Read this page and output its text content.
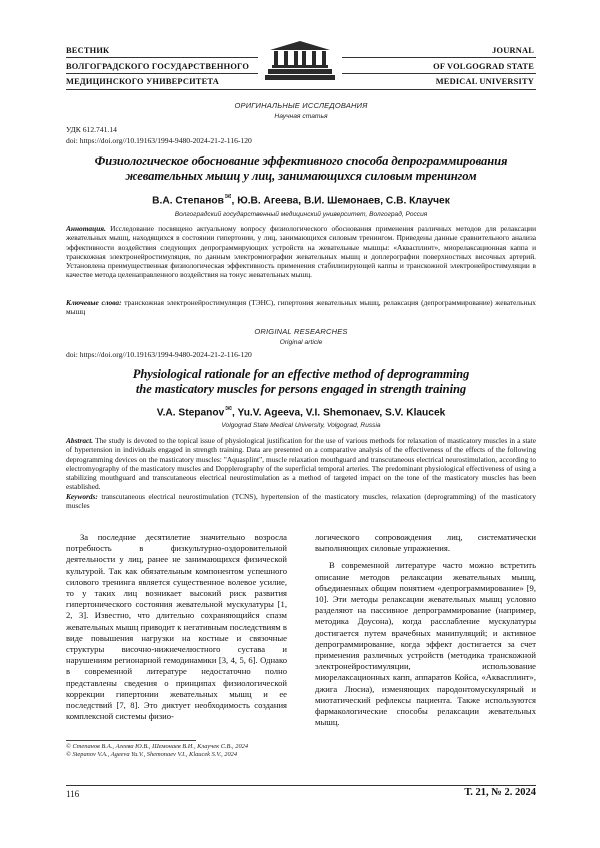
ВЕСТНИК
ВОЛГОГРАДСКОГО ГОСУДАРСТВЕННОГО
МЕДИЦИНСКОГО УНИВЕРСИТЕТА
JOURNAL
OF VOLGOGRAD STATE
MEDICAL UNIVERSITY
ОРИГИНАЛЬНЫЕ ИССЛЕДОВАНИЯ
Научная статья
УДК 612.741.14
doi: https://doi.org//10.19163/1994-9480-2024-21-2-116-120
Физиологическое обоснование эффективного способа депрограммирования
жевательных мышц у лиц, занимающихся силовым тренингом
В.А. Степанов✉, Ю.В. Агеева, В.И. Шемонаев, С.В. Клаучек
Волгоградский государственный медицинский университет, Волгоград, Россия
Аннотация. Исследование посвящено актуальному вопросу физиологического обоснования применения различных методов для релаксации жевательных мышц, находящихся в состоянии гипертонии, у лиц, занимающихся силовым тренингом. Приведены данные сравнительного анализа эффективности воздействия следующих депрограммирующих устройств на жевательные мышцы: «Акваcплинт», миорелаксационная каппа и транскожная электронейростимуляция, по данным электромиографии жевательных мышц и доплерографии поверхностных височных артерий. Установлена преимущественная физиологическая эффективность применения стабилизирующей каппы и транскожной электронейростимуляции в качестве метода целенаправленного воздействия на тонус жевательных мышц.
Ключевые слова: транскожная электронейростимуляция (ТЭНС), гипертония жевательных мышц, релаксация (депрограммирование) жевательных мышц
ORIGINAL RESEARCHES
Original article
doi: https://doi.org//10.19163/1994-9480-2024-21-2-116-120
Physiological rationale for an effective method of deprogramming
the masticatory muscles for persons engaged in strength training
V.A. Stepanov✉, Yu.V. Ageeva, V.I. Shemonaev, S.V. Klaucek
Volgograd State Medical University, Volgograd, Russia
Abstract. The study is devoted to the topical issue of physiological justification for the use of various methods for relaxation of masticatory muscles in a state of hypertension in individuals engaged in strength training. Data are presented on a comparative analysis of the effectiveness of the effects of the following deprogramming devices on the masticatory muscles: "Aquasplint", muscle relaxation mouthguard and transcutaneous electrical neurostimulation, according to electromyography of the masticatory muscles and Dopplerography of the superficial temporal arteries. The predominant physiological effectiveness of using a stabilizing mouthguard and transcutaneous electrical neurostimulation as a method of targeted impact on the tone of the masticatory muscles has been established.
Keywords: transcutaneous electrical neurostimulation (TCNS), hypertension of the masticatory muscles, relaxation (deprogramming) of the masticatory muscles

За последние десятилетие значительно возросла потребность в физкультурно-оздоровительной деятельности у лиц, ранее не занимающихся физической культурой. Так как обязательным компонентом успешного силового тренинга является существенное волевое усилие, то у таких лиц возникает высокий риск развития гипертонического состояния жевательной мускулатуры [1, 2, 3]. Известно, что длительно сохраняющийся спазм жевательных мышц приводит к негативным последствиям в виде повышения нагрузки на костные и связочные структуры височно-нижнечелюстного сустава и нарушениям регионарной гемодинамики [3, 4, 5, 6]. Однако в современной литературе недостаточно полно представлены сведения о принципах физиологической коррекции гипертонии жевательных мышц и ее последствий [7, 8]. Это диктует необходимость создания комплексной системы физио-

логического сопровождения лиц, систематически выполняющих силовые упражнения.

В современной литературе часто можно встретить описание методов релаксации жевательных мышц, объединенных общим понятием «депрограммирование» [9, 10]. Эти методы релаксации жевательных мышц условно разделяют на пассивное депрограммирование (например, методика Доусона), когда расслабление мускулатуры достигается путем врачебных манипуляций; и активное депрограммирование, когда эффект достигается за счет применения различных устройств (методика транскожной электронейростимуляции, использование миорелаксационных капп, аппаратов Койса, «Аквасплинт», джига Люсиа), изменяющих пародонтомускулярный и миотатический рефлексы пациента. Также используются фармакологические способы релаксации жевательных мышц.

© Степанов В.А., Агеева Ю.В., Шемонаев В.И., Клаучек С.В., 2024
© Stepanov V.A., Ageeva Yu.V., Shemonaev V.I., Klaucek S.V., 2024
116	Т. 21, № 2. 2024
